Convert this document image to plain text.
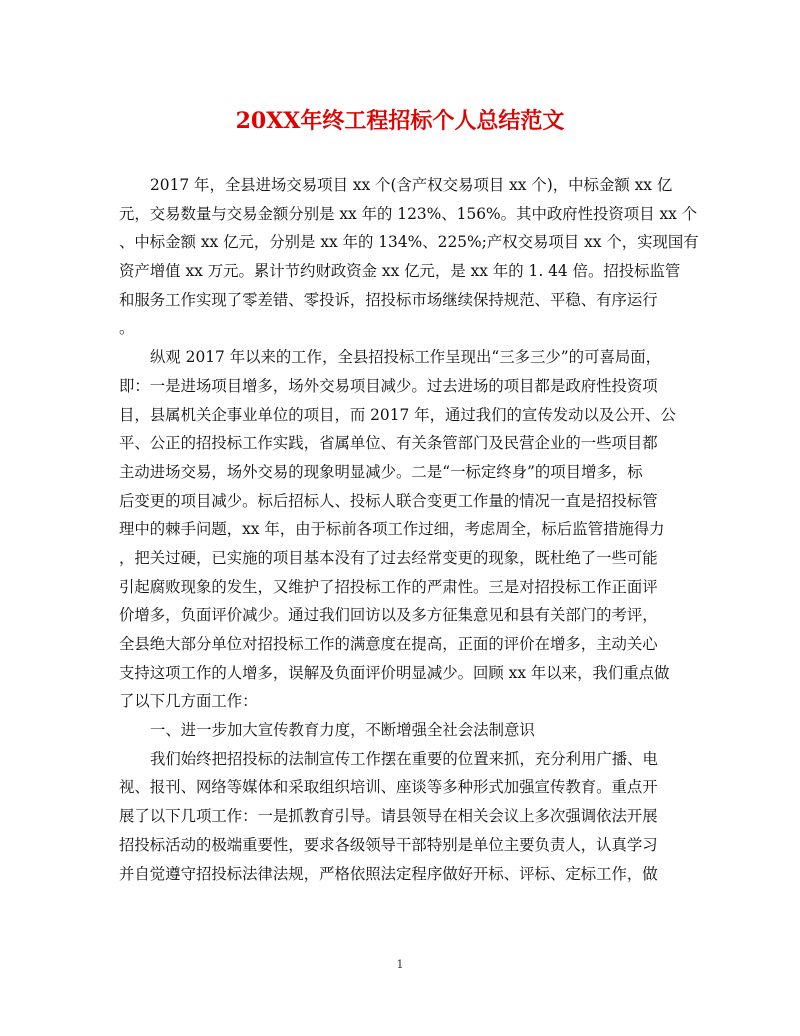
20XX年终工程招标个人总结范文
2017 年，全县进场交易项目 xx 个(含产权交易项目 xx 个)，中标金额 xx 亿
元，交易数量与交易金额分别是 xx 年的 123%、156%。其中政府性投资项目 xx 个
、中标金额 xx 亿元，分别是 xx 年的 134%、225%;产权交易项目 xx 个，实现国有
资产增值 xx 万元。累计节约财政资金 xx 亿元，是 xx 年的 1. 44 倍。招投标监管
和服务工作实现了零差错、零投诉，招投标市场继续保持规范、平稳、有序运行
。
纵观 2017 年以来的工作，全县招投标工作呈现出“三多三少”的可喜局面，
即：一是进场项目增多，场外交易项目减少。过去进场的项目都是政府性投资项
目，县属机关企事业单位的项目，而 2017 年，通过我们的宣传发动以及公开、公
平、公正的招投标工作实践，省属单位、有关条管部门及民营企业的一些项目都
主动进场交易，场外交易的现象明显减少。二是“一标定终身”的项目增多，标
后变更的项目减少。标后招标人、投标人联合变更工作量的情况一直是招投标管
理中的棘手问题，xx 年，由于标前各项工作过细，考虑周全，标后监管措施得力
，把关过硬，已实施的项目基本没有了过去经常变更的现象，既杜绝了一些可能
引起腐败现象的发生，又维护了招投标工作的严肃性。三是对招投标工作正面评
价增多，负面评价减少。通过我们回访以及多方征集意见和县有关部门的考评，
全县绝大部分单位对招投标工作的满意度在提高，正面的评价在增多，主动关心
支持这项工作的人增多，误解及负面评价明显减少。回顾 xx 年以来，我们重点做
了以下几方面工作：
一、进一步加大宣传教育力度，不断增强全社会法制意识
我们始终把招投标的法制宣传工作摆在重要的位置来抓，充分利用广播、电
视、报刊、网络等媒体和采取组织培训、座谈等多种形式加强宣传教育。重点开
展了以下几项工作：一是抓教育引导。请县领导在相关会议上多次强调依法开展
招投标活动的极端重要性，要求各级领导干部特别是单位主要负责人，认真学习
并自觉遵守招投标法律法规，严格依照法定程序做好开标、评标、定标工作，做
1
